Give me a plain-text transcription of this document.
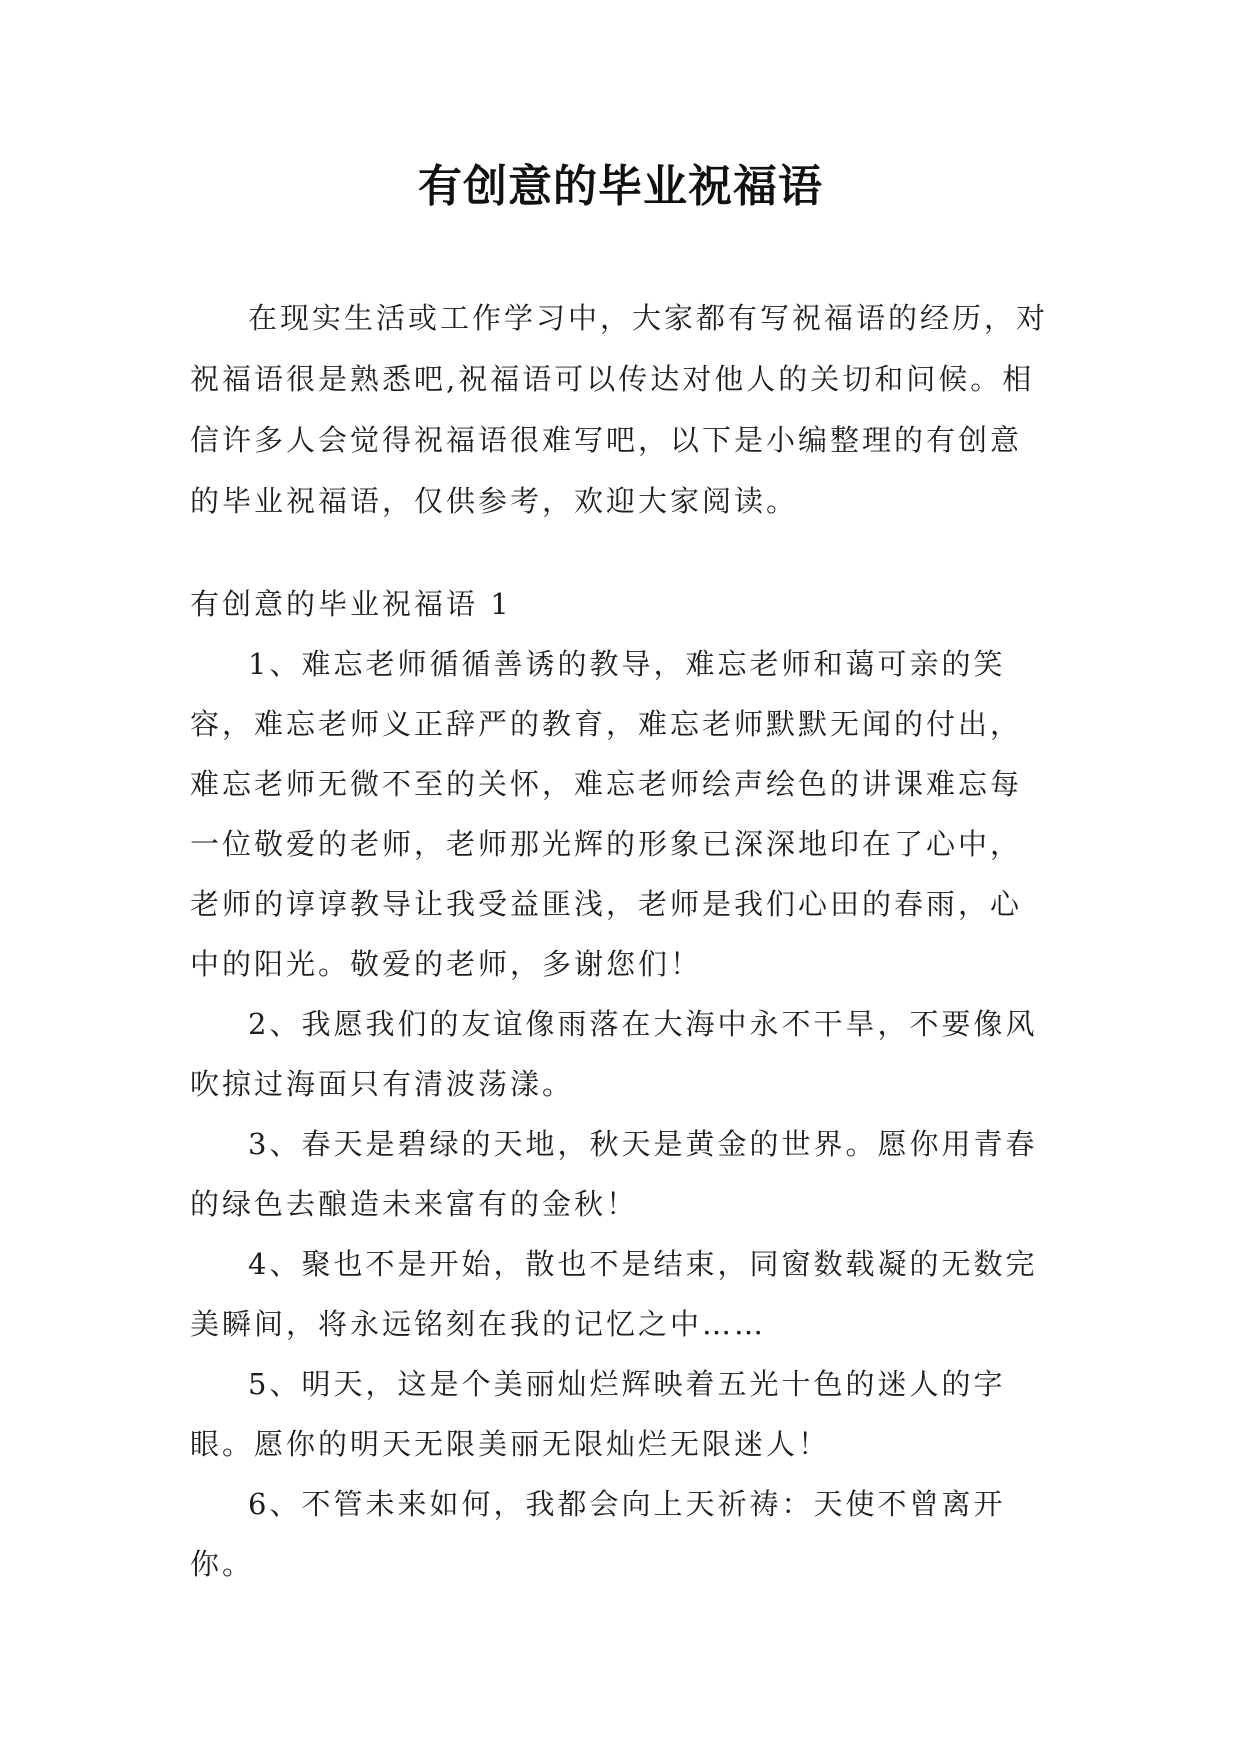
有创意的毕业祝福语

在现实生活或工作学习中，大家都有写祝福语的经历，对祝福语很是熟悉吧,祝福语可以传达对他人的关切和问候。相信许多人会觉得祝福语很难写吧，以下是小编整理的有创意的毕业祝福语，仅供参考，欢迎大家阅读。

有创意的毕业祝福语 1

1、难忘老师循循善诱的教导，难忘老师和蔼可亲的笑容，难忘老师义正辞严的教育，难忘老师默默无闻的付出，难忘老师无微不至的关怀，难忘老师绘声绘色的讲课难忘每一位敬爱的老师，老师那光辉的形象已深深地印在了心中，老师的谆谆教导让我受益匪浅，老师是我们心田的春雨，心中的阳光。敬爱的老师，多谢您们！

2、我愿我们的友谊像雨落在大海中永不干旱，不要像风吹掠过海面只有清波荡漾。

3、春天是碧绿的天地，秋天是黄金的世界。愿你用青春的绿色去酿造未来富有的金秋！

4、聚也不是开始，散也不是结束，同窗数载凝的无数完美瞬间，将永远铭刻在我的记忆之中……

5、明天，这是个美丽灿烂辉映着五光十色的迷人的字眼。愿你的明天无限美丽无限灿烂无限迷人！

6、不管未来如何，我都会向上天祈祷：天使不曾离开你。
